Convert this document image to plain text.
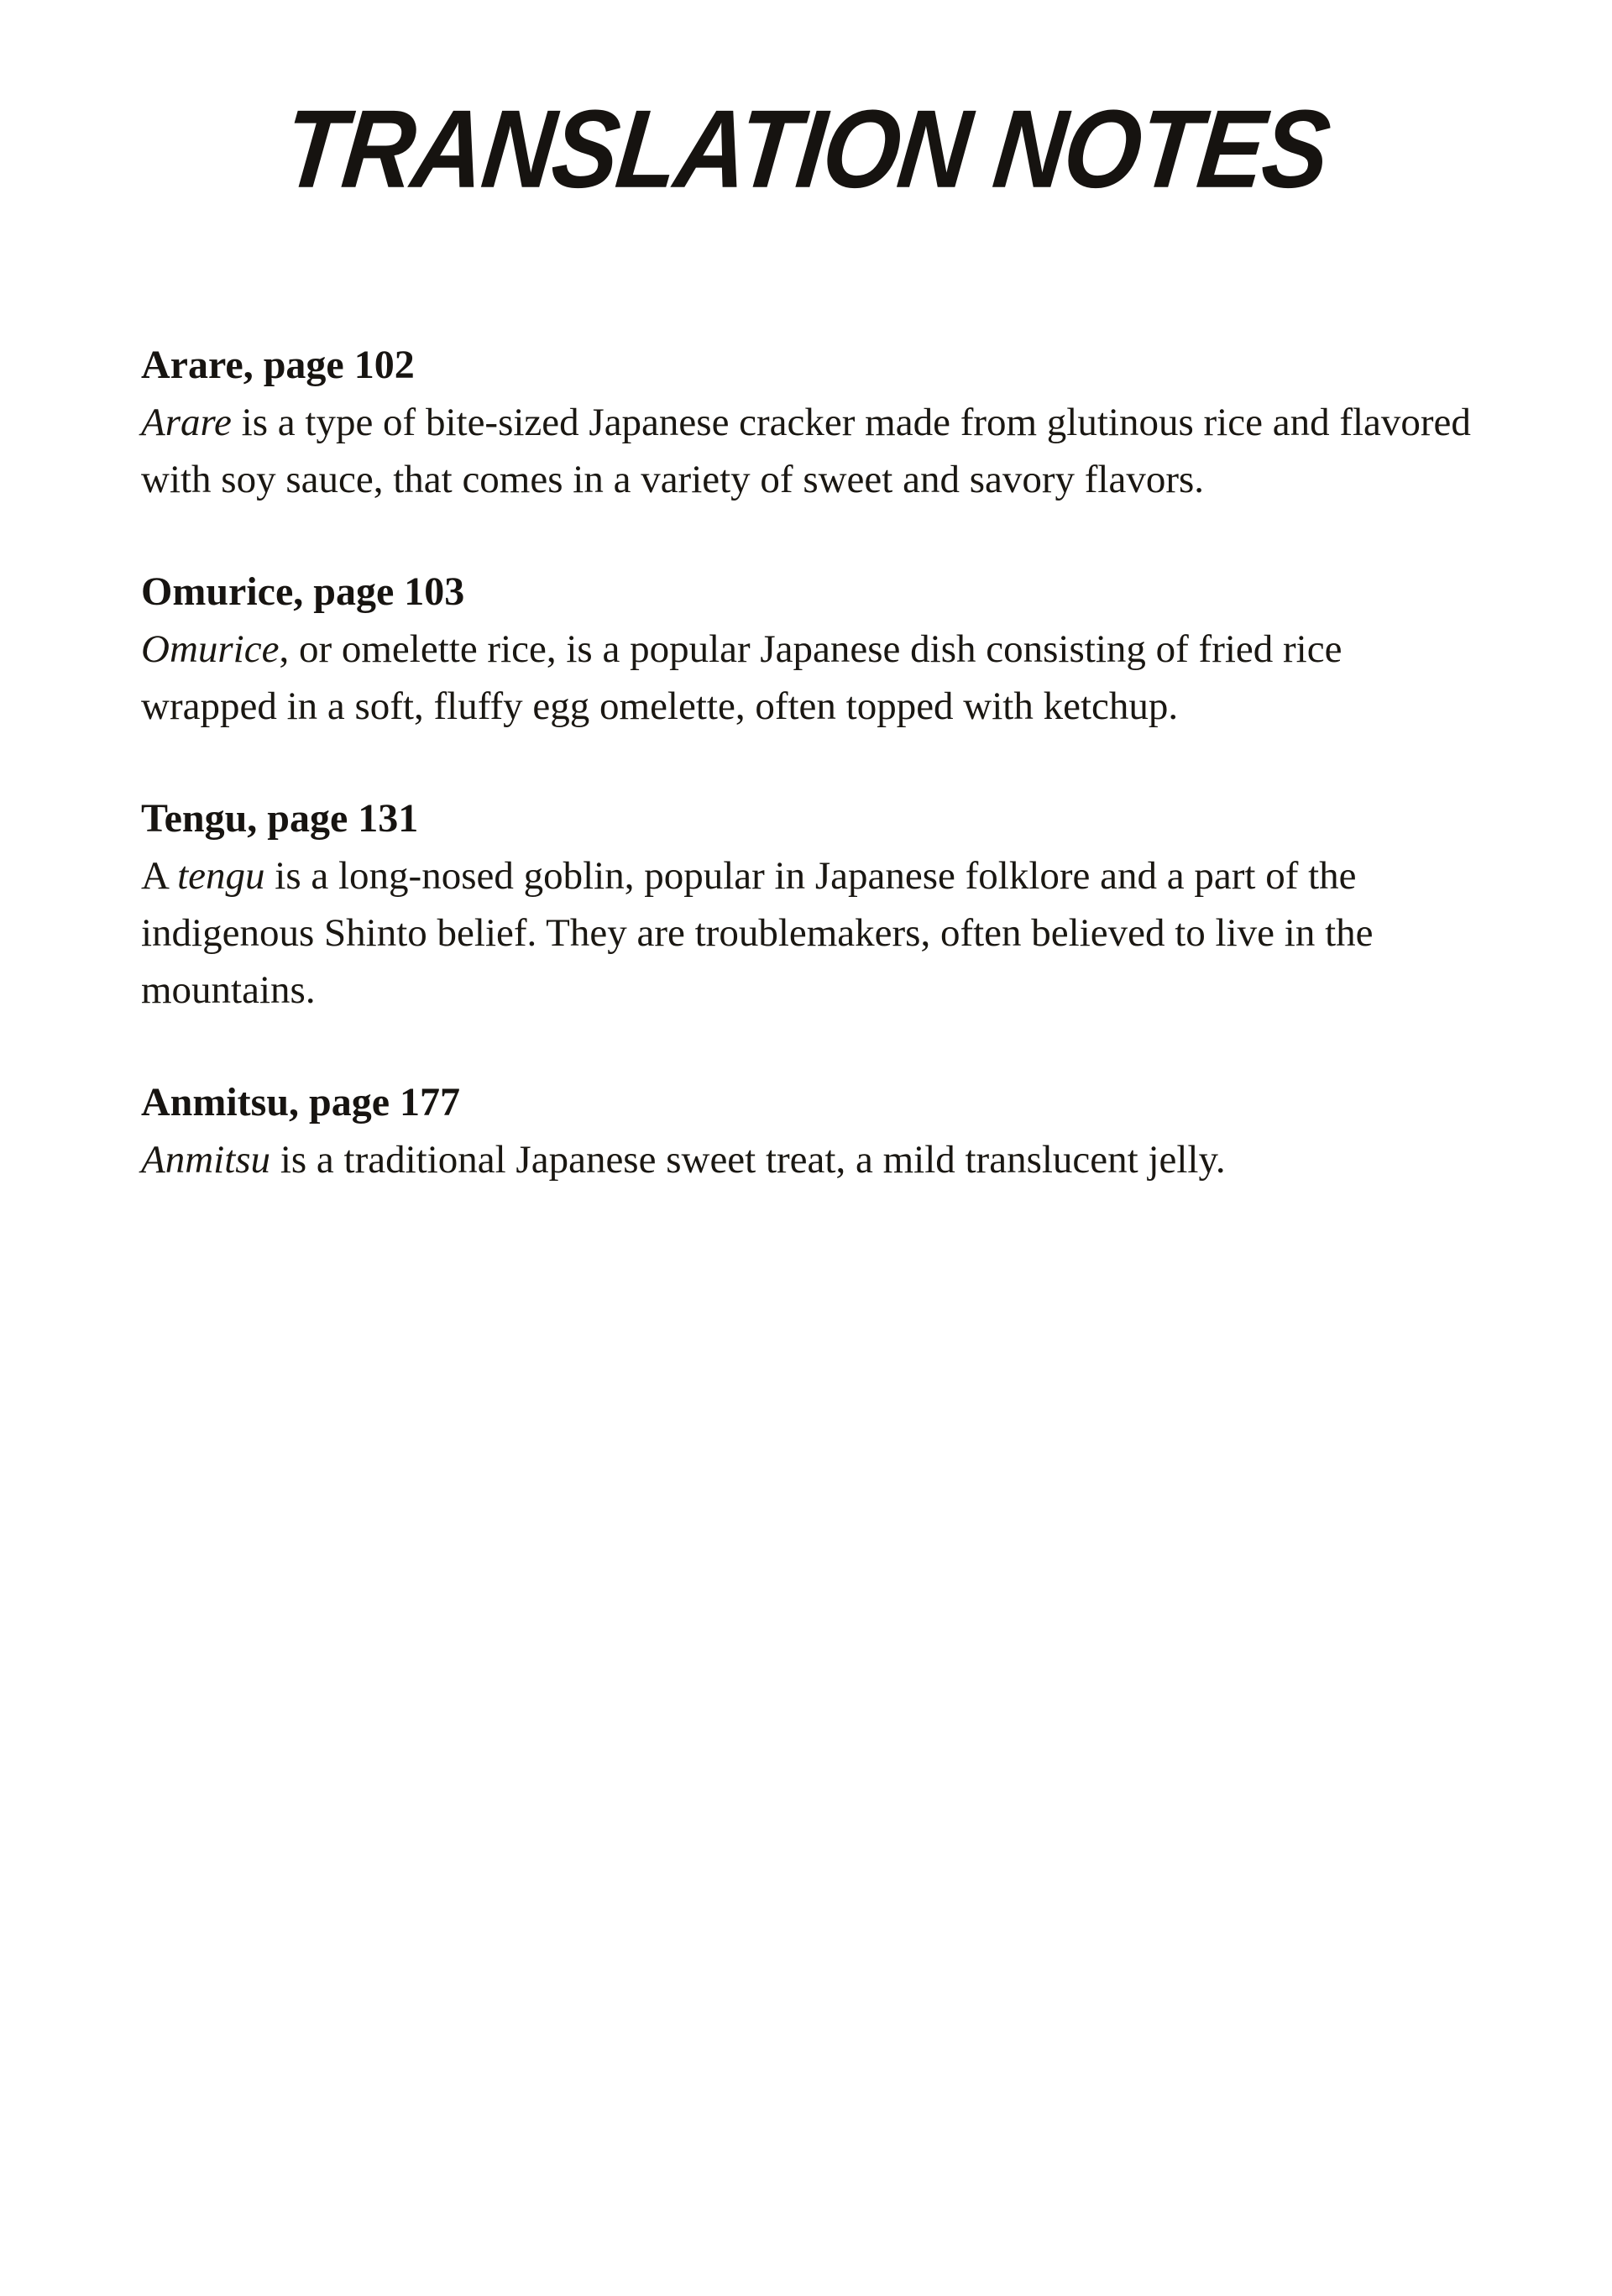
TRANSLATION NOTES
Arare, page 102
Arare is a type of bite-sized Japanese cracker made from glutinous rice and flavored with soy sauce, that comes in a variety of sweet and savory flavors.
Omurice, page 103
Omurice, or omelette rice, is a popular Japanese dish consisting of fried rice wrapped in a soft, fluffy egg omelette, often topped with ketchup.
Tengu, page 131
A tengu is a long-nosed goblin, popular in Japanese folklore and a part of the indigenous Shinto belief. They are troublemakers, often believed to live in the mountains.
Anmitsu, page 177
Anmitsu is a traditional Japanese sweet treat, a mild translucent jelly.
